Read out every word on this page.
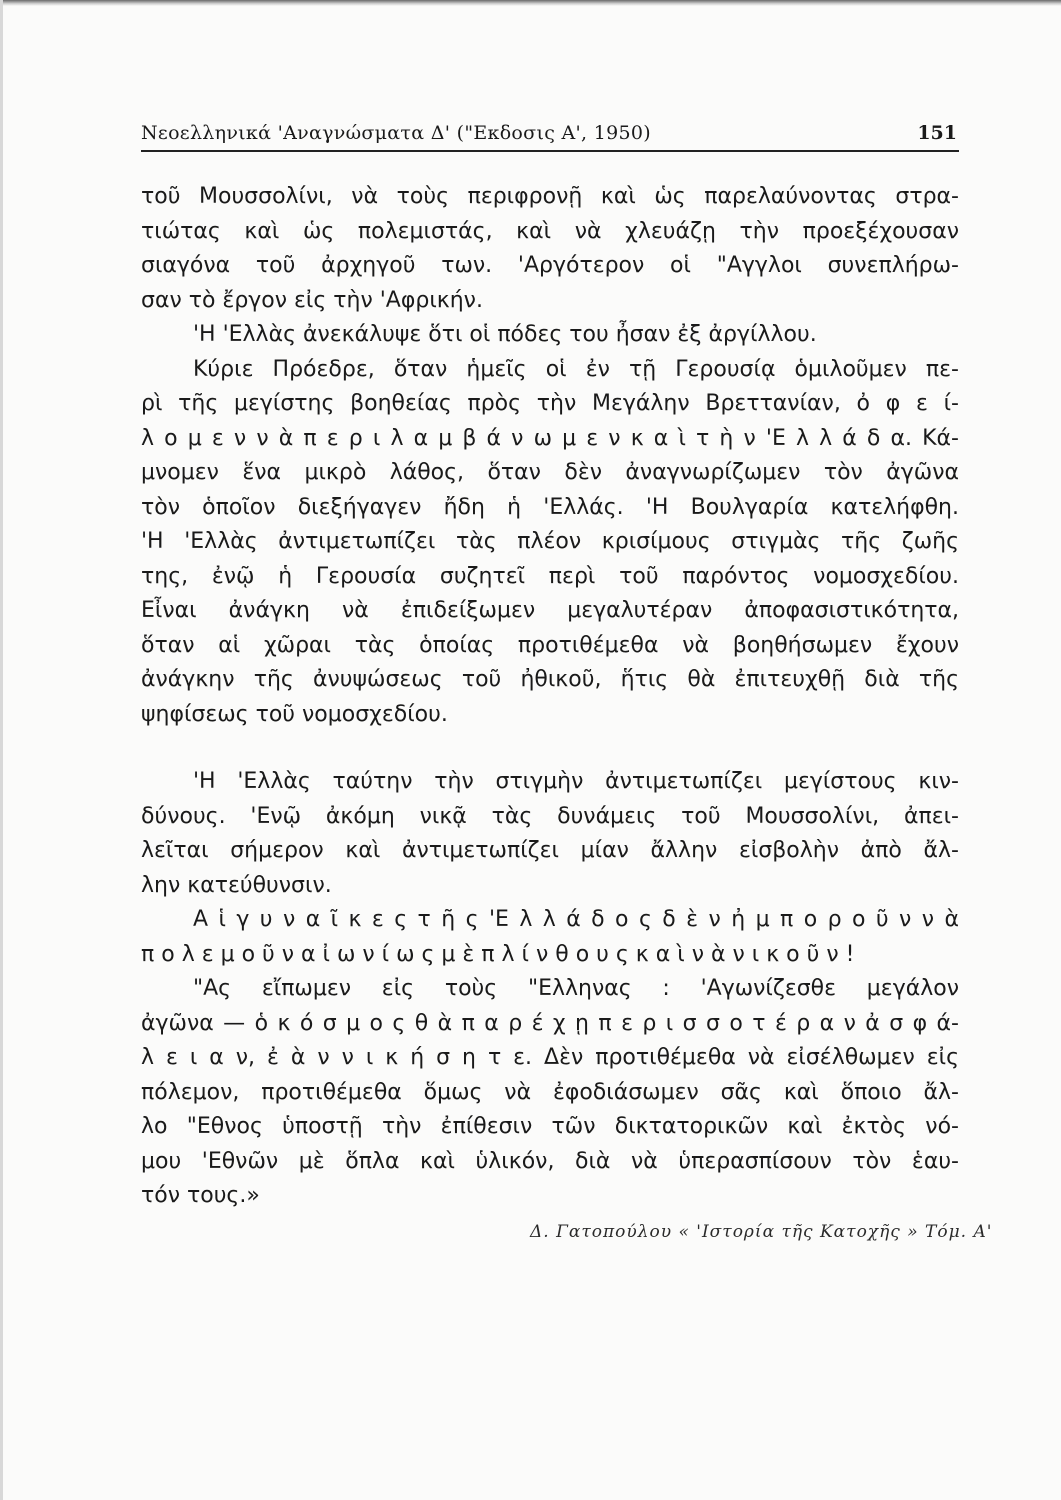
Νεοελληνικά 'Αναγνώσματα Δ' ("Εκδοσις Α', 1950)	151
τοῦ Μουσσολίνι, νὰ τοὺς περιφρονῇ καὶ ὡς παρελαύνοντας στρα-
τιώτας καὶ ὡς πολεμιστάς, καὶ νὰ χλευάζῃ τὴν προεξέχουσαν
σιαγόνα τοῦ ἀρχηγοῦ των. 'Αργότερον οἱ "Αγγλοι συνεπλήρω-
σαν τὸ ἔργον εἰς τὴν 'Αφρικήν.
'Η 'Ελλὰς ἀνεκάλυψε ὅτι οἱ πόδες του ἦσαν ἐξ ἀργίλλου.
Κύριε Πρόεδρε, ὅταν ἡμεῖς οἱ ἐν τῇ Γερουσίᾳ ὁμιλοῦμεν πε-
ρὶ τῆς μεγίστης βοηθείας πρὸς τὴν Μεγάλην Βρεττανίαν, ὀ φ ε ί-
λ ο μ ε ν ν ὰ π ε ρ ι λ α μ β ά ν ω μ ε ν κ α ὶ τ ὴ ν 'Ε λ λ ά δ α. Κά-
μνομεν ἕνα μικρὸ λάθος, ὅταν δὲν ἀναγνωρίζωμεν τὸν ἀγῶνα
τὸν ὁποῖον διεξήγαγεν ἤδη ἡ 'Ελλάς. 'Η Βουλγαρία κατελήφθη.
'Η 'Ελλὰς ἀντιμετωπίζει τὰς πλέον κρισίμους στιγμὰς τῆς ζωῆς
της, ἐνῷ ἡ Γερουσία συζητεῖ περὶ τοῦ παρόντος νομοσχεδίου.
Εἶναι ἀνάγκη νὰ ἐπιδείξωμεν μεγαλυτέραν ἀποφασιστικότητα,
ὅταν αἱ χῶραι τὰς ὁποίας προτιθέμεθα νὰ βοηθήσωμεν ἔχουν
ἀνάγκην τῆς ἀνυψώσεως τοῦ ἠθικοῦ, ἥτις θὰ ἐπιτευχθῇ διὰ τῆς
ψηφίσεως τοῦ νομοσχεδίου.
'Η 'Ελλὰς ταύτην τὴν στιγμὴν ἀντιμετωπίζει μεγίστους κιν-
δύνους. 'Ενῷ ἀκόμη νικᾷ τὰς δυνάμεις τοῦ Μουσσολίνι, ἀπει-
λεῖται σήμερον καὶ ἀντιμετωπίζει μίαν ἄλλην εἰσβολὴν ἀπὸ ἄλ-
λην κατεύθυνσιν.
Α ἱ γ υ ν α ῖ κ ε ς τ ῆ ς 'Ε λ λ ά δ ο ς δ ὲ ν ἠ μ π ο ρ ο ῦ ν ν ὰ
π ο λ ε μ ο ῦ ν α ἰ ω ν ί ω ς μ ὲ π λ ί ν θ ο υ ς κ α ὶ ν ὰ ν ι κ ο ῦ ν !
"Ας εἴπωμεν εἰς τοὺς "Ελληνας : 'Αγωνίζεσθε μεγάλον
ἀγῶνα — ὁ κ ό σ μ ο ς θ ὰ π α ρ έ χ ῃ π ε ρ ι σ σ ο τ έ ρ α ν ἀ σ φ ά-
λ ε ι α ν, ἐ ὰ ν ν ι κ ή σ η τ ε. Δὲν προτιθέμεθα νὰ εἰσέλθωμεν εἰς
πόλεμον, προτιθέμεθα ὅμως νὰ ἐφοδιάσωμεν σᾶς καὶ ὅποιο ἄλ-
λο "Εθνος ὑποστῇ τὴν ἐπίθεσιν τῶν δικτατορικῶν καὶ ἐκτὸς νό-
μου 'Εθνῶν μὲ ὅπλα καὶ ὑλικόν, διὰ νὰ ὑπερασπίσουν τὸν ἑαυ-
τόν τους.»
Δ. Γατοπούλου « 'Ιστορία τῆς Κατοχῆς » Τόμ. Α'
